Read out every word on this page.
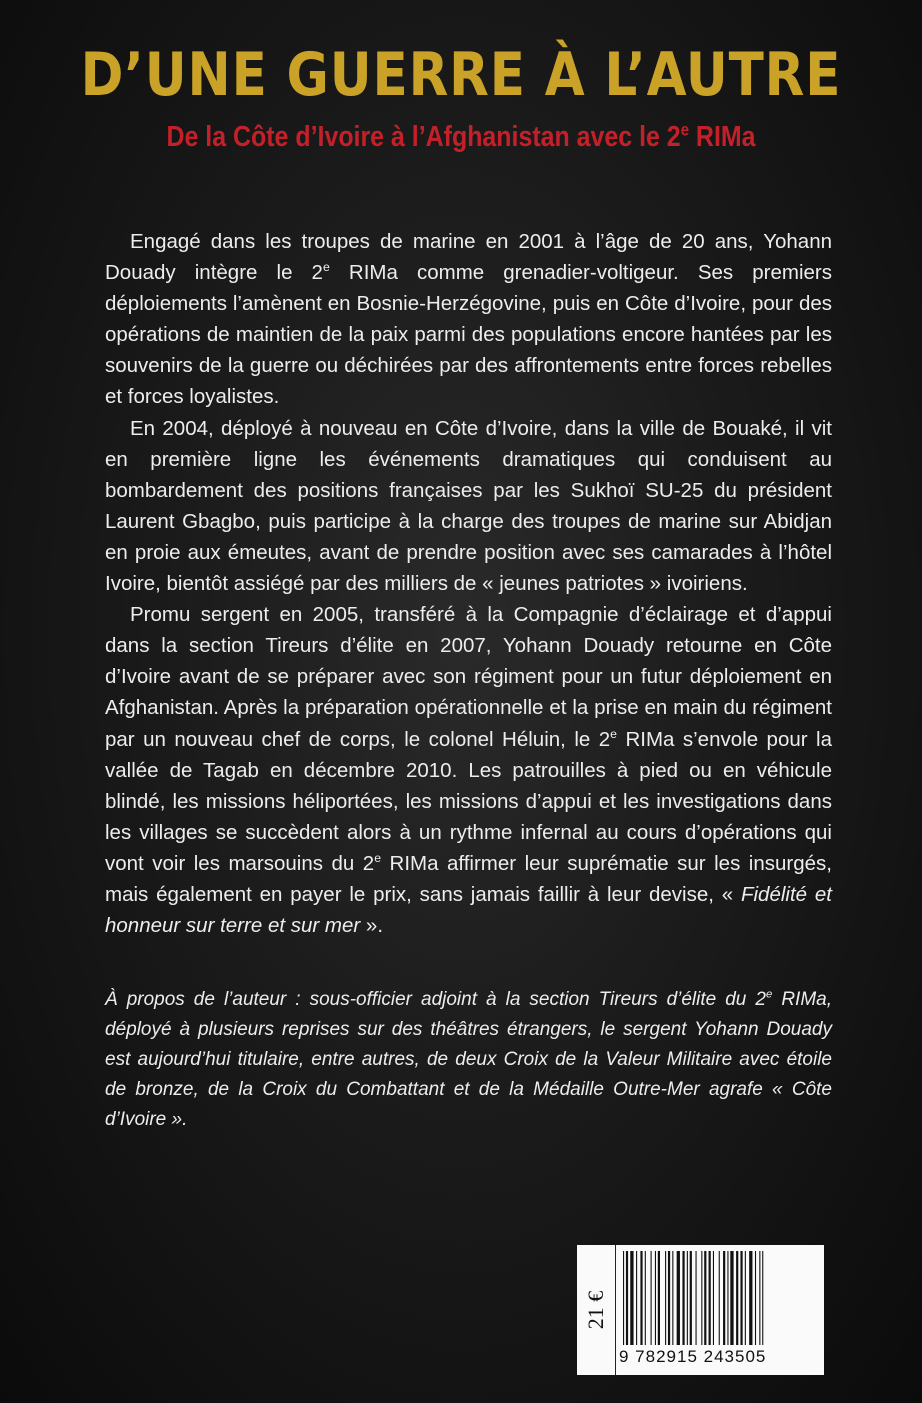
D’UNE GUERRE À L’AUTRE
De la Côte d’Ivoire à l’Afghanistan avec le 2e RIMa

Engagé dans les troupes de marine en 2001 à l’âge de 20 ans, Yohann Douady intègre le 2e RIMa comme grenadier-voltigeur. Ses premiers déploiements l’amènent en Bosnie-Herzégovine, puis en Côte d’Ivoire, pour des opérations de maintien de la paix parmi des populations encore hantées par les souvenirs de la guerre ou déchirées par des affrontements entre forces rebelles et forces loyalistes.

En 2004, déployé à nouveau en Côte d’Ivoire, dans la ville de Bouaké, il vit en première ligne les événements dramatiques qui conduisent au bombardement des positions françaises par les Sukhoï SU-25 du président Laurent Gbagbo, puis participe à la charge des troupes de marine sur Abidjan en proie aux émeutes, avant de prendre position avec ses camarades à l’hôtel Ivoire, bientôt assiégé par des milliers de « jeunes patriotes » ivoiriens.

Promu sergent en 2005, transféré à la Compagnie d’éclairage et d’appui dans la section Tireurs d’élite en 2007, Yohann Douady retourne en Côte d’Ivoire avant de se préparer avec son régiment pour un futur déploiement en Afghanistan. Après la préparation opérationnelle et la prise en main du régiment par un nouveau chef de corps, le colonel Héluin, le 2e RIMa s’envole pour la vallée de Tagab en décembre 2010. Les patrouilles à pied ou en véhicule blindé, les missions héliportées, les missions d’appui et les investigations dans les villages se succèdent alors à un rythme infernal au cours d’opérations qui vont voir les marsouins du 2e RIMa affirmer leur suprématie sur les insurgés, mais également en payer le prix, sans jamais faillir à leur devise, « Fidélité et honneur sur terre et sur mer ».

À propos de l’auteur : sous-officier adjoint à la section Tireurs d’élite du 2e RIMa, déployé à plusieurs reprises sur des théâtres étrangers, le sergent Yohann Douady est aujourd’hui titulaire, entre autres, de deux Croix de la Valeur Militaire avec étoile de bronze, de la Croix du Combattant et de la Médaille Outre-Mer agrafe « Côte d’Ivoire ».
21 €
9 782915 243505
